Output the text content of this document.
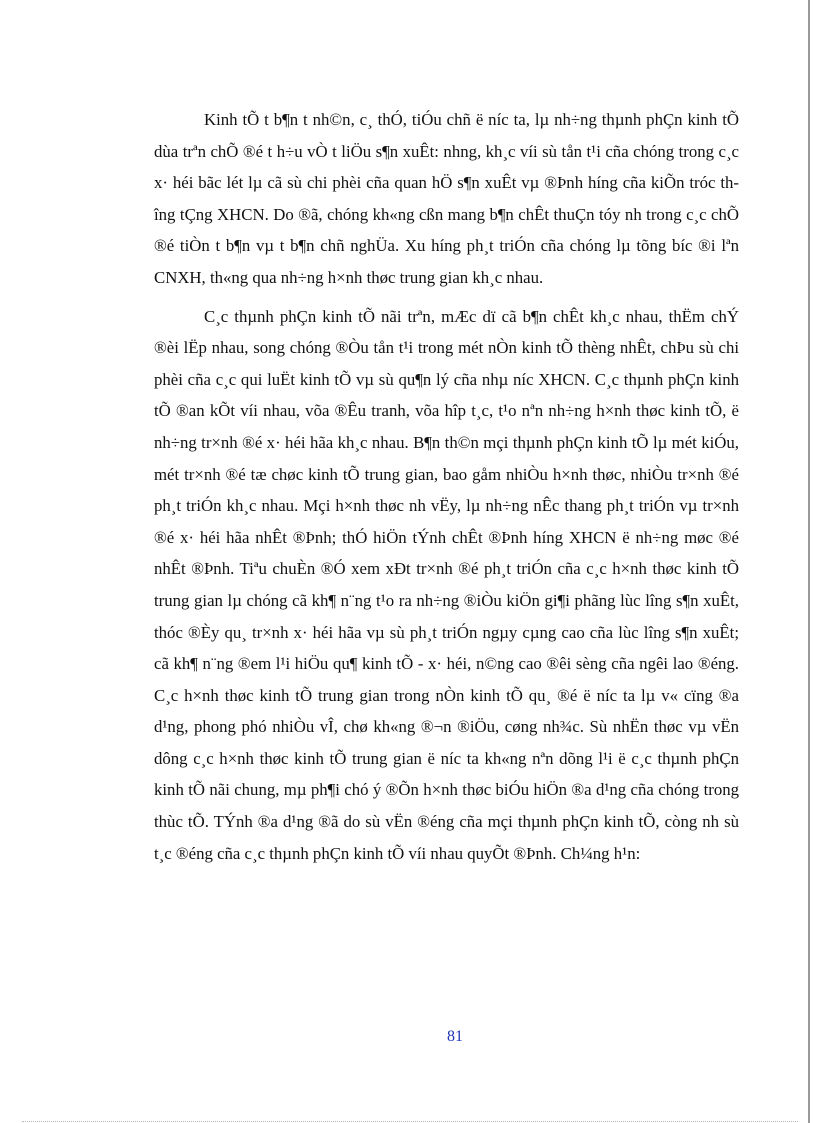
Kinh tÕ t b¶n t nh©n, c¸ thÓ, tiÓu chñ ë níc ta, lµ nh÷ng thµnh phÇn kinh tÕ dùa trªn chÕ ®é t h÷u vÒ t liÖu s¶n xuÊt: nhng, kh¸c víi sù tån t¹i cña chóng trong c¸c x· héi bãc lét lµ cã sù chi phèi cña quan hÖ s¶n xuÊt vµ ®Þnh híng cña kiÕn tróc thîng tÇng XHCN. Do ®ã, chóng kh«ng cßn mang b¶n chÊt thuÇn tóy nh trong c¸c chÕ ®é tiÒn t b¶n vµ t b¶n chñ nghÜa. Xu híng ph¸t triÓn cña chóng lµ tõng bíc ®i lªn CNXH, th«ng qua nh÷ng h×nh thøc trung gian kh¸c nhau.

C¸c thµnh phÇn kinh tÕ nãi trªn, mÆc dï cã b¶n chÊt kh¸c nhau, thËm chÝ ®èi lËp nhau, song chóng ®Òu tån t¹i trong mét nÒn kinh tÕ thèng nhÊt, chÞu sù chi phèi cña c¸c qui luËt kinh tÕ vµ sù qu¶n lý cña nhµ níc XHCN. C¸c thµnh phÇn kinh tÕ ®an kÕt víi nhau, võa ®Êu tranh, võa hîp t¸c, t¹o nªn nh÷ng h×nh thøc kinh tÕ, ë nh÷ng tr×nh ®é x· héi hãa kh¸c nhau. B¶n th©n mçi thµnh phÇn kinh tÕ lµ mét kiÓu, mét tr×nh ®é tæ chøc kinh tÕ trung gian, bao gåm nhiÒu h×nh thøc, nhiÒu tr×nh ®é ph¸t triÓn kh¸c nhau. Mçi h×nh thøc nh vËy, lµ nh÷ng nÊc thang ph¸t triÓn vµ tr×nh ®é x· héi hãa nhÊt ®Þnh; thÓ hiÖn tÝnh chÊt ®Þnh híng XHCN ë nh÷ng møc ®é nhÊt ®Þnh. Tiªu chuÈn ®Ó xem xÐt tr×nh ®é ph¸t triÓn cña c¸c h×nh thøc kinh tÕ trung gian lµ chóng cã kh¶ n¨ng t¹o ra nh÷ng ®iÒu kiÖn gi¶i phãng lùc lîng s¶n xuÊt, thóc ®Èy qu¸ tr×nh x· héi hãa vµ sù ph¸t triÓn ngµy cµng cao cña lùc lîng s¶n xuÊt; cã kh¶ n¨ng ®em l¹i hiÖu qu¶ kinh tÕ - x· héi, n©ng cao ®êi sèng cña ngêi lao ®éng. C¸c h×nh thøc kinh tÕ trung gian trong nÒn kinh tÕ qu¸ ®é ë níc ta lµ v« cïng ®a d¹ng, phong phó nhiÒu vÎ, chø kh«ng ®¬n ®iÖu, cøng nh¾c. Sù nhËn thøc vµ vËn dông c¸c h×nh thøc kinh tÕ trung gian ë níc ta kh«ng nªn dõng l¹i ë c¸c thµnh phÇn kinh tÕ nãi chung, mµ ph¶i chó ý ®Õn h×nh thøc biÓu hiÖn ®a d¹ng cña chóng trong thùc tÕ. TÝnh ®a d¹ng ®ã do sù vËn ®éng cña mçi thµnh phÇn kinh tÕ, còng nh sù t¸c ®éng cña c¸c thµnh phÇn kinh tÕ víi nhau quyÕt ®Þnh. Ch¼ng h¹n:

81
